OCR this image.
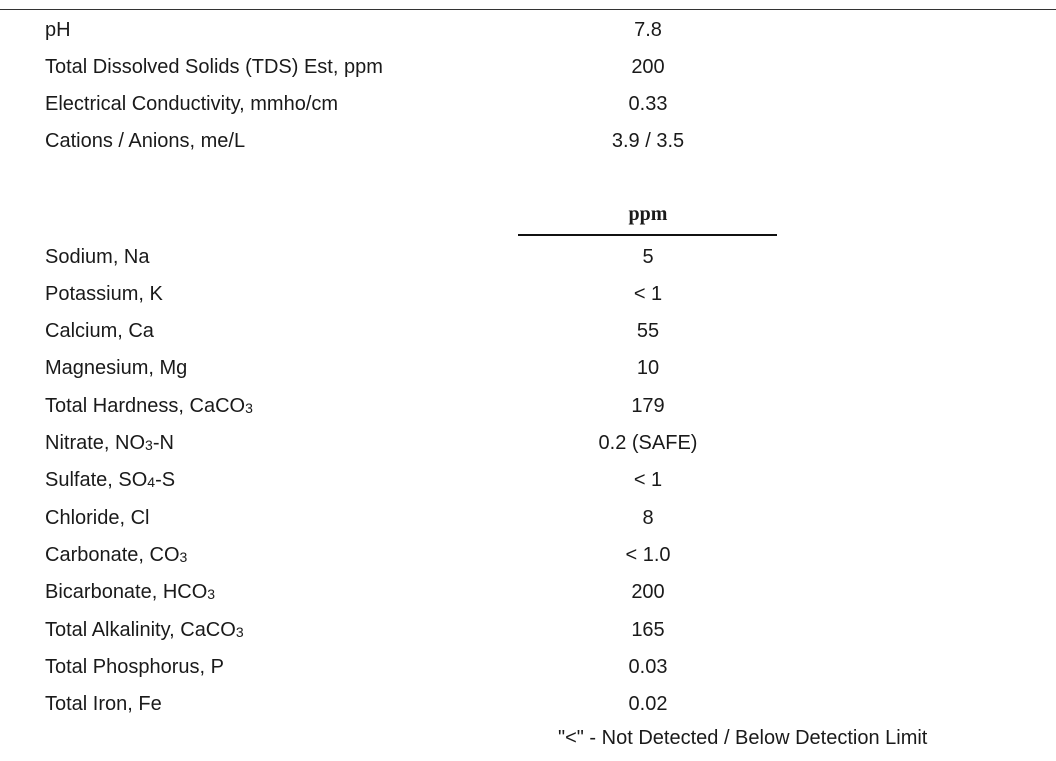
pH	7.8
Total Dissolved Solids (TDS) Est, ppm	200
Electrical Conductivity, mmho/cm	0.33
Cations / Anions, me/L	3.9 / 3.5
ppm
Sodium, Na	5
Potassium, K	< 1
Calcium, Ca	55
Magnesium, Mg	10
Total Hardness, CaCO$_3$	179
Nitrate, $NO_3-N$	0.2 (SAFE)
Sulfate, $SO_4-S$	< 1
Chloride, Cl	8
Carbonate, $CO_3$	< 1.0
Bicarbonate, $HCO_3$	200
Total Alkalinity, CaCO$_3$	165
Total Phosphorus, P	0.03
Total Iron, Fe	0.02
"<" - Not Detected / Below Detection Limit
